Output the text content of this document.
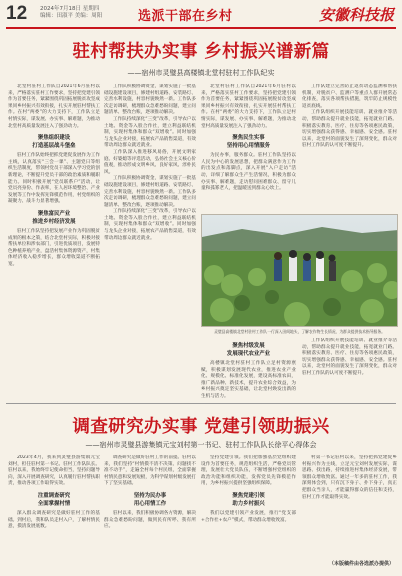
12 2024年7月18日 星期四
编辑：田淑平 美编：周阳	选派干部在乡村	安徽科技报
驻村帮扶办实事 乡村振兴谱新篇
——宿州市灵璧县高楼镇北堂村驻村工作队纪实

北堂村驻村工作队自2021年6月驻村以来，严格落实驻村工作要求，坚持把党建引领作为首要任务，紧紧围绕巩固拓展脱贫攻坚成果同乡村振兴有效衔接，扎实开展驻村帮扶工作。在村“两委”的大力支持下，工作队立足村情实际，谋发展、办实事、解难题，为推动北堂村高质量发展注入了强劲动力。

聚焦组织建设
打造基层战斗堡垒

驻村工作队始终把抓党建促发展作为工作主线，认真落实“三会一课”、主题党日等组织生活制度，带领村党员干部深入学习党的创新理论，不断提升党员干部的政治素质和履职能力。同时积极开展“党员联系户”活动，让党员亮身份、作表率，在人居环境整治、产业发展等工作中发挥先锋模范作用，村党组织的凝聚力、战斗力显著增强。

聚焦富民产业
推进乡村经济发展

驻村工作队坚持把发展产业作为巩固脱贫成果的根本之策，结合北堂村实际，积极对接帮扶单位和涉农部门，引进优质项目，发展特色种植养殖产业，盘活村集体资源资产，村集体经济收入稳步增长，群众增收渠道不断拓宽。

工作队积极协调资金，谋划实施了一批基础设施建设项目，修建村组道路、安装路灯、完善水利设施，村容村貌焕然一新。工作队多次走访调研，梳理群众急难愁盼问题，建立问题清单、整改台账，逐项推动解决。

工作队持续深化“三变”改革，引导农户以土地、资金等入股合作社，建立利益联结机制，实现村集体和群众“双增收”。同时加强与龙头企业对接，拓展农产品销售渠道，有效带动周边群众就近就业。

工作队深入推进移风易俗，开展文明家庭、好婆媳等评选活动，弘扬社会主义核心价值观，推动形成文明乡风、良好家风、淳朴民风。

工作队积极协调资金，谋划实施了一批基础设施建设项目，修建村组道路、安装路灯、完善水利设施，村容村貌焕然一新。工作队多次走访调研，梳理群众急难愁盼问题，建立问题清单、整改台账，逐项推动解决。

工作队持续深化“三变”改革，引导农户以土地、资金等入股合作社，建立利益联结机制，实现村集体和群众“双增收”。同时加强与龙头企业对接，拓展农产品销售渠道，有效带动周边群众就近就业。

北堂村驻村工作队自2021年6月驻村以来，严格落实驻村工作要求，坚持把党建引领作为首要任务，紧紧围绕巩固拓展脱贫攻坚成果同乡村振兴有效衔接，扎实开展驻村帮扶工作。在村“两委”的大力支持下，工作队立足村情实际，谋发展、办实事、解难题，为推动北堂村高质量发展注入了强劲动力。

聚焦民生实事
坚持用心用情服务

为民办事，服务群众。驻村工作队坚持以人民为中心的发展思想，把群众满意作为工作的出发点和落脚点，深入开展“入户走访”活动，详细了解群众生产生活情况，积极为群众办实事、解难题，走访慰问困难群众、留守儿童和孤寡老人，把温暖送到群众心坎上。

工作队建立完善防止返贫动态监测和帮扶机制，对脱贫户、监测户等重点人群开展常态化排查，落实各项帮扶措施，筑牢防止规模性返贫底线。

工作队组织开展技能培训、就业推介等活动，帮助群众提升就业技能，拓宽就业门路。积极落实教育、医疗、住房等各项惠民政策，切实增强群众获得感、幸福感、安全感。驻村以来，北堂村的面貌发生了深刻变化，群众对驻村工作队的认可度不断提升。

灵璧县高楼镇北堂村驻村工作队一行深入田间地头，了解农作物生长情况，为群众提供技术指导服务。

聚焦村级发展
发展现代农业产业

高楼镇北堂村驻村工作队立足村资源禀赋，积极谋划发展现代农业，推进农业产业化、规模化、标准化发展，建设高标准农田，推广新品种、新技术，提升农业综合效益，为乡村振兴奠定坚实基础，让北堂村焕发出新的生机与活力。

工作队组织开展技能培训、就业推介等活动，帮助群众提升就业技能，拓宽就业门路。积极落实教育、医疗、住房等各项惠民政策，切实增强群众获得感、幸福感、安全感。驻村以来，北堂村的面貌发生了深刻变化，群众对驻村工作队的认可度不断提升。

调查研究办实事 党建引领助振兴
——宿州市灵璧县游集镇元宝刘村第一书记、驻村工作队队长徐平心得体会

2023年4月，我来到灵璧县游集镇元宝刘村，担任驻村第一书记、驻村工作队队长。驻村以来，我始终牢记使命担当，坚持问题导向，深入开展调查研究，认真履行驻村帮扶职责，推动各项工作取得实效。

注重调查研究
全面掌握村情

深入群众调查研究是做好驻村工作的基础。到村后，我和队员走村入户，了解村情民意，摸清发展底数。

调查研究是做好驻村工作的前提。驻村以来，我们坚持“村情摸不清不决策、问题找不准不动手”，走遍全村每个村民组，全面掌握村情民意和发展短板，为科学谋划村级发展打下了坚实基础。

坚持为民办事
用心用情工作

驻村以来，我们积极协调各方资源，解决群众急难愁盼问题，做到民有所呼、我有所应。

坚持党建引领。我们把加强基层党组织建设作为首要任务，规范组织生活，严格党员管理，发展壮大党员队伍，不断增强村党组织的政治功能和组织功能，发挥党员先锋模范作用，为乡村振兴提供坚强组织保障。

聚焦党建引领
助力乡村振兴

我们以党建引领产业发展，推行“党支部+合作社+农户”模式，带动群众增收致富。

村第一书记驻村以来，坚持把抓党建促乡村振兴作为主线，立足元宝刘村发展实际，谋思路、找出路，持续推进村集体经济发展，带领群众增收致富。通过一年多的驻村工作，我深刻体会到，只有沉下身子、扑下身子，真正把群众当亲人，才能赢得群众的信任和支持，驻村工作才能取得实效。

（本版稿件由各选派办提供）
